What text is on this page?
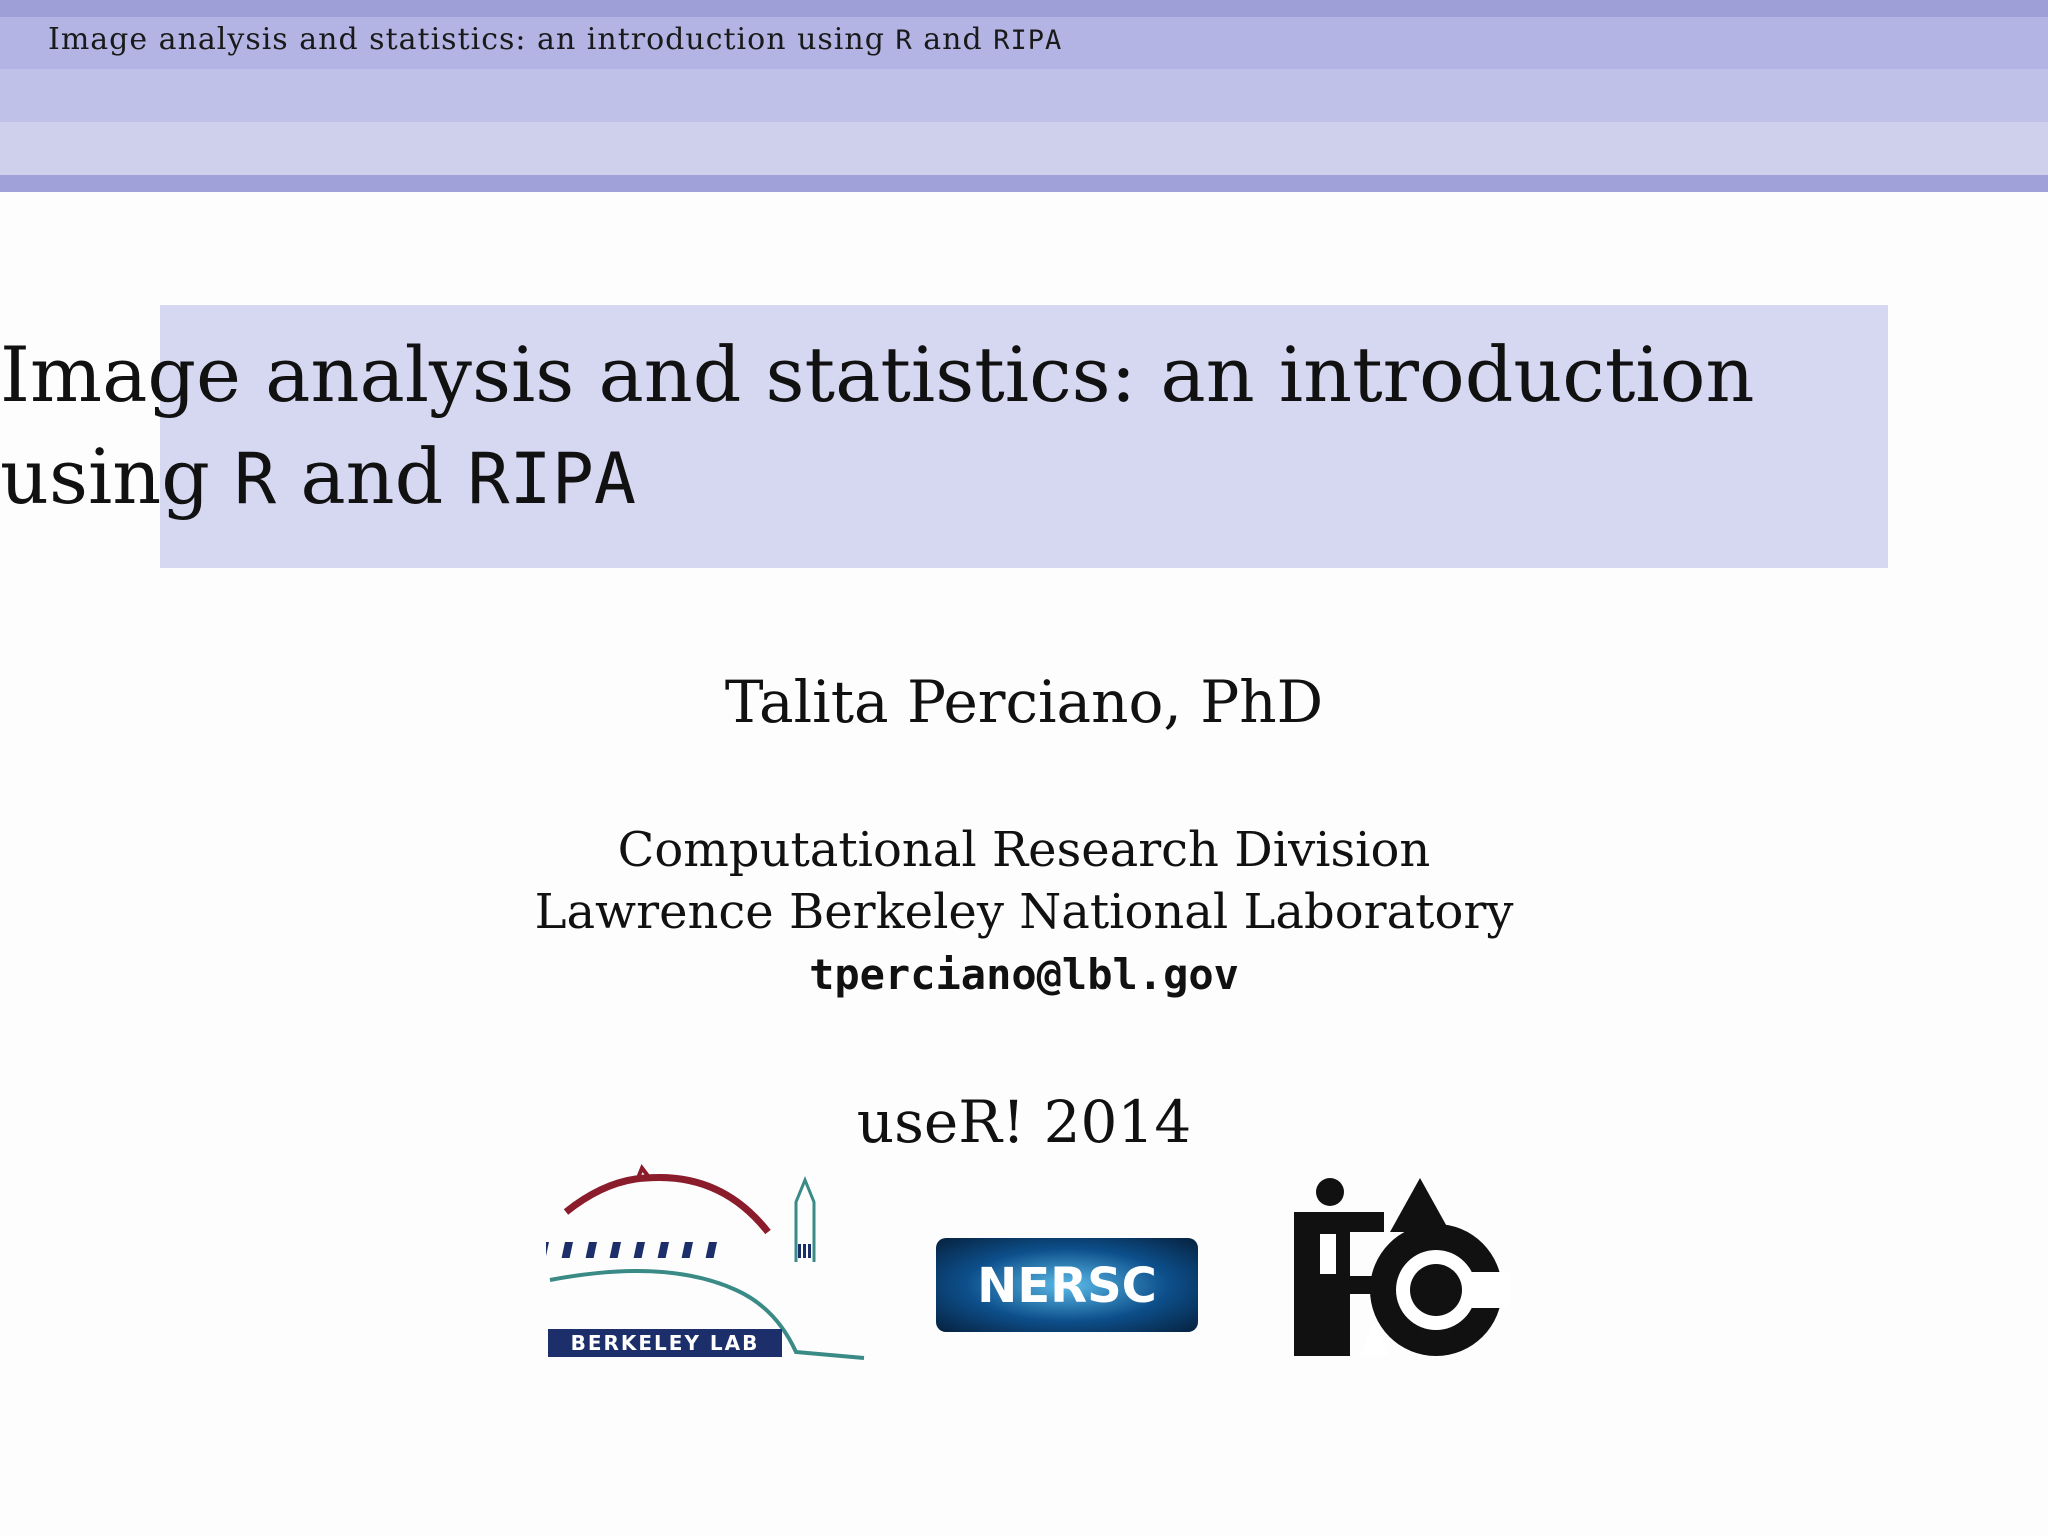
Image analysis and statistics: an introduction using R and RIPA
Image analysis and statistics: an introduction
using R and RIPA
Talita Perciano, PhD
Computational Research Division
Lawrence Berkeley National Laboratory
tperciano@lbl.gov
useR! 2014
BERKELEY LAB
NERSC
